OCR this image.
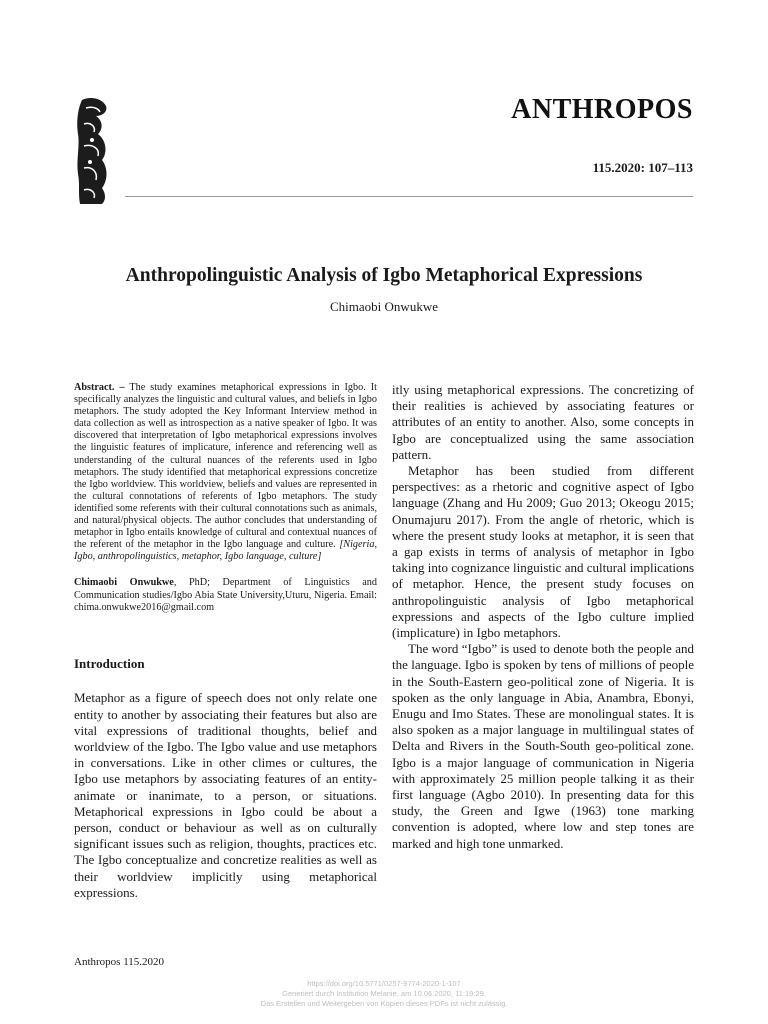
ANTHROPOS
115.2020: 107–113
Anthropolinguistic Analysis of Igbo Metaphorical Expressions
Chimaobi Onwukwe

Abstract. – The study examines metaphorical expressions in Igbo. It specifically analyzes the linguistic and cultural values, and beliefs in Igbo metaphors. The study adopted the Key Informant Interview method in data collection as well as introspection as a native speaker of Igbo. It was discovered that interpretation of Igbo metaphorical expressions involves the linguistic features of implicature, inference and referencing well as understanding of the cultural nuances of the referents used in Igbo metaphors. The study identified that metaphorical expressions concretize the Igbo worldview. This worldview, beliefs and values are represented in the cultural connotations of referents of Igbo metaphors. The study identified some referents with their cultural connotations such as animals, and natural/physical objects. The author concludes that understanding of metaphor in Igbo entails knowledge of cultural and contextual nuances of the referent of the metaphor in the Igbo language and culture. [Nigeria, Igbo, anthropolinguistics, metaphor, Igbo language, culture]

Chimaobi Onwukwe, PhD; Department of Linguistics and Communication studies/Igbo Abia State University,Uturu, Nigeria. Email: chima.onwukwe2016@gmail.com

Introduction

Metaphor as a figure of speech does not only relate one entity to another by associating their features but also are vital expressions of traditional thoughts, belief and worldview of the Igbo. The Igbo value and use metaphors in conversations. Like in other climes or cultures, the Igbo use metaphors by associating features of an entity-animate or inanimate, to a person, or situations. Metaphorical expressions in Igbo could be about a person, conduct or behaviour as well as on culturally significant issues such as religion, thoughts, practices etc. The Igbo conceptualize and concretize realities as well as their worldview implicitly using metaphorical expressions.

itly using metaphorical expressions. The concretizing of their realities is achieved by associating features or attributes of an entity to another. Also, some concepts in Igbo are conceptualized using the same association pattern.

Metaphor has been studied from different perspectives: as a rhetoric and cognitive aspect of Igbo language (Zhang and Hu 2009; Guo 2013; Okeogu 2015; Onumajuru 2017). From the angle of rhetoric, which is where the present study looks at metaphor, it is seen that a gap exists in terms of analysis of metaphor in Igbo taking into cognizance linguistic and cultural implications of metaphor. Hence, the present study focuses on anthropolinguistic analysis of Igbo metaphorical expressions and aspects of the Igbo culture implied (implicature) in Igbo metaphors.

The word “Igbo” is used to denote both the people and the language. Igbo is spoken by tens of millions of people in the South-Eastern geo-political zone of Nigeria. It is spoken as the only language in Abia, Anambra, Ebonyi, Enugu and Imo States. These are monolingual states. It is also spoken as a major language in multilingual states of Delta and Rivers in the South-South geo-political zone. Igbo is a major language of communication in Nigeria with approximately 25 million people talking it as their first language (Agbo 2010). In presenting data for this study, the Green and Igwe (1963) tone marking convention is adopted, where low and step tones are marked and high tone unmarked.

Anthropos 115.2020
https://doi.org/10.5771/0257-9774-2020-1-107
Generiert durch Institution Melanie, am 10.06.2020, 11:19:29.
Das Erstellen und Weitergeben von Kopien dieses PDFs ist nicht zulässig.
